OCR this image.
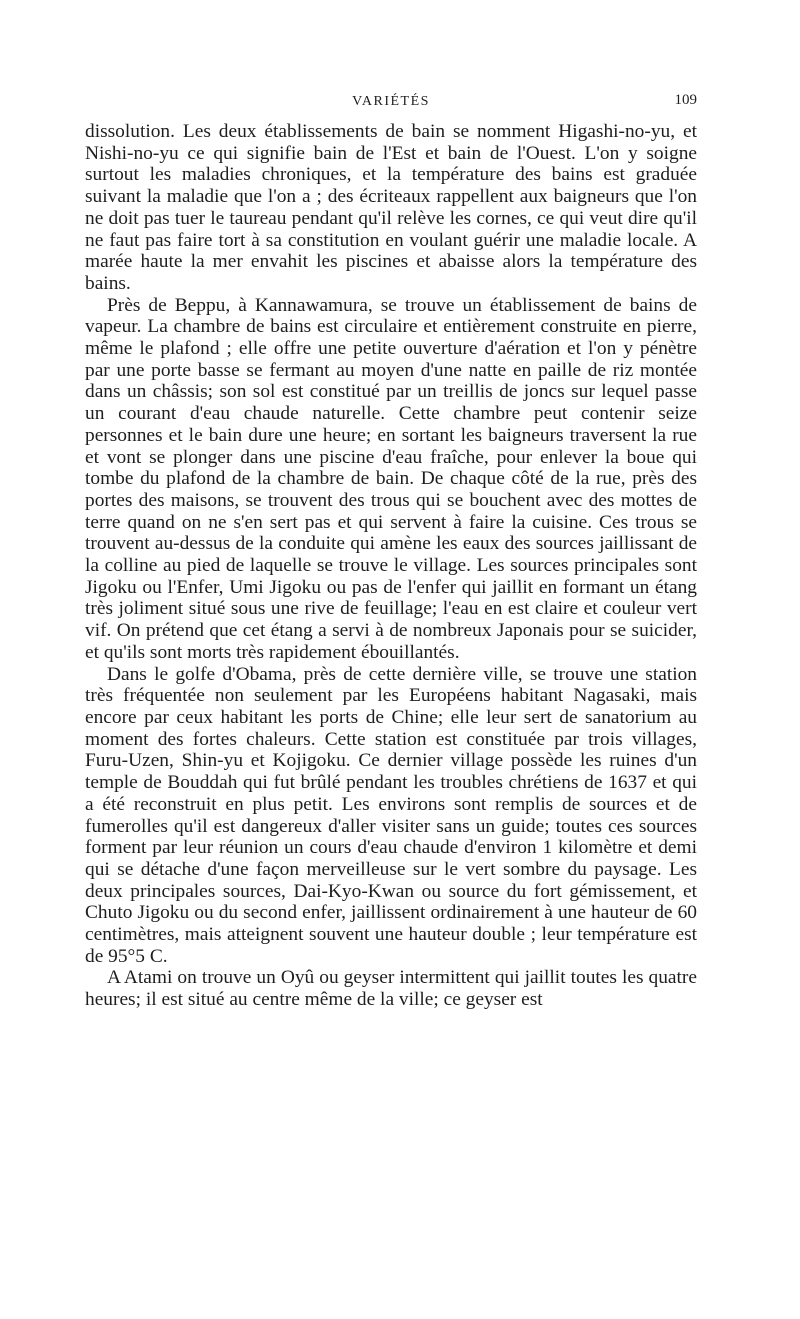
VARIÉTÉS	109

dissolution. Les deux établissements de bain se nomment Higashi-no-yu, et Nishi-no-yu ce qui signifie bain de l'Est et bain de l'Ouest. L'on y soigne surtout les maladies chroniques, et la température des bains est graduée suivant la maladie que l'on a ; des écriteaux rappellent aux baigneurs que l'on ne doit pas tuer le taureau pendant qu'il relève les cornes, ce qui veut dire qu'il ne faut pas faire tort à sa constitution en voulant guérir une maladie locale. A marée haute la mer envahit les piscines et abaisse alors la température des bains.

Près de Beppu, à Kannawamura, se trouve un établissement de bains de vapeur. La chambre de bains est circulaire et entièrement construite en pierre, même le plafond ; elle offre une petite ouverture d'aération et l'on y pénètre par une porte basse se fermant au moyen d'une natte en paille de riz montée dans un châssis; son sol est constitué par un treillis de joncs sur lequel passe un courant d'eau chaude naturelle. Cette chambre peut contenir seize personnes et le bain dure une heure; en sortant les baigneurs traversent la rue et vont se plonger dans une piscine d'eau fraîche, pour enlever la boue qui tombe du plafond de la chambre de bain. De chaque côté de la rue, près des portes des maisons, se trouvent des trous qui se bouchent avec des mottes de terre quand on ne s'en sert pas et qui servent à faire la cuisine. Ces trous se trouvent au-dessus de la conduite qui amène les eaux des sources jaillissant de la colline au pied de laquelle se trouve le village. Les sources principales sont Jigoku ou l'Enfer, Umi Jigoku ou pas de l'enfer qui jaillit en formant un étang très joliment situé sous une rive de feuillage; l'eau en est claire et couleur vert vif. On prétend que cet étang a servi à de nombreux Japonais pour se suicider, et qu'ils sont morts très rapidement ébouillantés.

Dans le golfe d'Obama, près de cette dernière ville, se trouve une station très fréquentée non seulement par les Européens habitant Nagasaki, mais encore par ceux habitant les ports de Chine; elle leur sert de sanatorium au moment des fortes chaleurs. Cette station est constituée par trois villages, Furu-Uzen, Shin-yu et Kojigoku. Ce dernier village possède les ruines d'un temple de Bouddah qui fut brûlé pendant les troubles chrétiens de 1637 et qui a été reconstruit en plus petit. Les environs sont remplis de sources et de fumerolles qu'il est dangereux d'aller visiter sans un guide; toutes ces sources forment par leur réunion un cours d'eau chaude d'environ 1 kilomètre et demi qui se détache d'une façon merveilleuse sur le vert sombre du paysage. Les deux principales sources, Dai-Kyo-Kwan ou source du fort gémissement, et Chuto Jigoku ou du second enfer, jaillissent ordinairement à une hauteur de 60 centimètres, mais atteignent souvent une hauteur double ; leur température est de 95°5 C.

A Atami on trouve un Oyû ou geyser intermittent qui jaillit toutes les quatre heures; il est situé au centre même de la ville; ce geyser est
